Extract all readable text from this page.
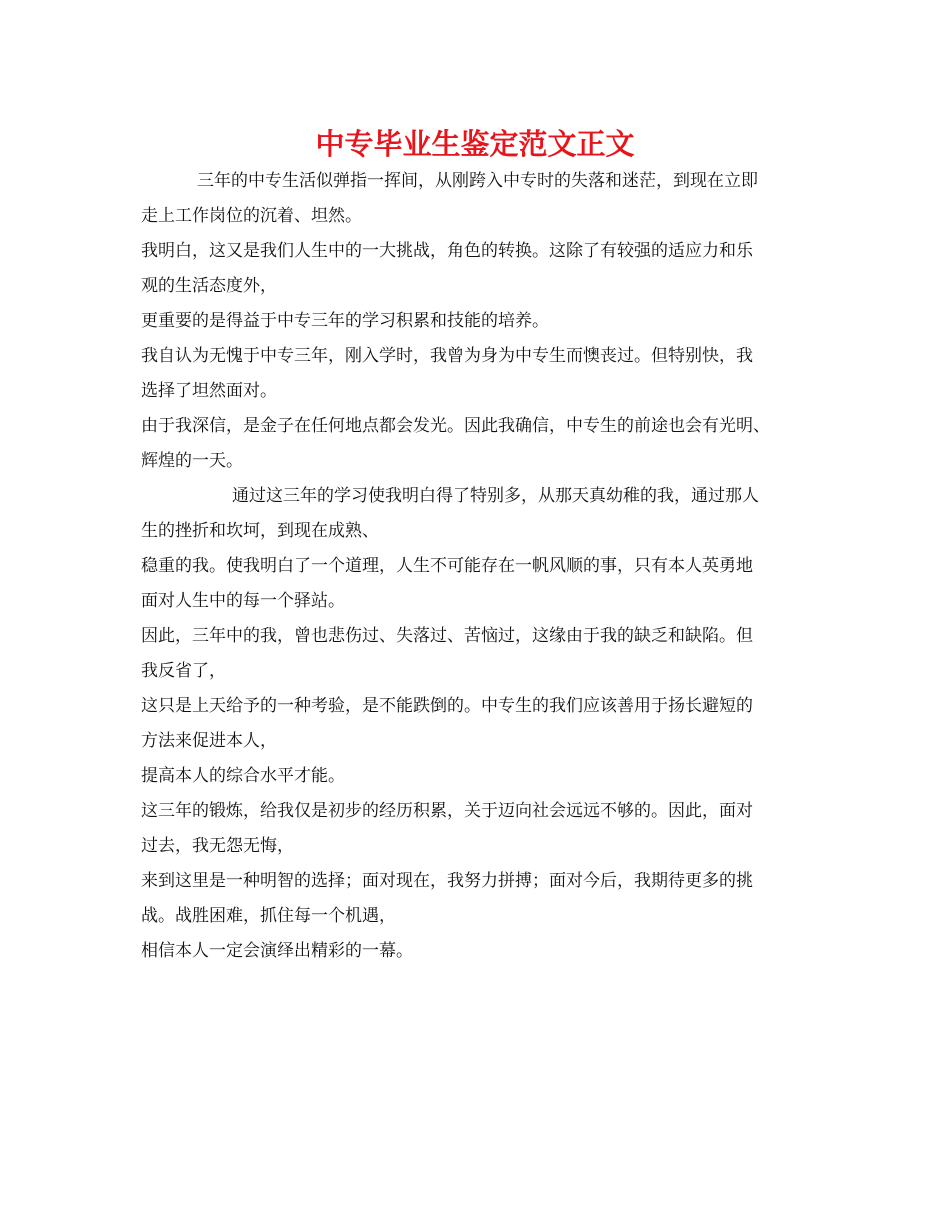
中专毕业生鉴定范文正文
三年的中专生活似弹指一挥间，从刚跨入中专时的失落和迷茫，到现在立即
走上工作岗位的沉着、坦然。
我明白，这又是我们人生中的一大挑战，角色的转换。这除了有较强的适应力和乐
观的生活态度外，
更重要的是得益于中专三年的学习积累和技能的培养。
我自认为无愧于中专三年，刚入学时，我曾为身为中专生而懊丧过。但特别快，我
选择了坦然面对。
由于我深信，是金子在任何地点都会发光。因此我确信，中专生的前途也会有光明、
辉煌的一天。
通过这三年的学习使我明白得了特别多，从那天真幼稚的我，通过那人
生的挫折和坎坷，到现在成熟、
稳重的我。使我明白了一个道理，人生不可能存在一帆风顺的事，只有本人英勇地
面对人生中的每一个驿站。
因此，三年中的我，曾也悲伤过、失落过、苦恼过，这缘由于我的缺乏和缺陷。但
我反省了，
这只是上天给予的一种考验，是不能跌倒的。中专生的我们应该善用于扬长避短的
方法来促进本人，
提高本人的综合水平才能。
这三年的锻炼，给我仅是初步的经历积累，关于迈向社会远远不够的。因此，面对
过去，我无怨无悔，
来到这里是一种明智的选择；面对现在，我努力拼搏；面对今后，我期待更多的挑
战。战胜困难，抓住每一个机遇，
相信本人一定会演绎出精彩的一幕。
